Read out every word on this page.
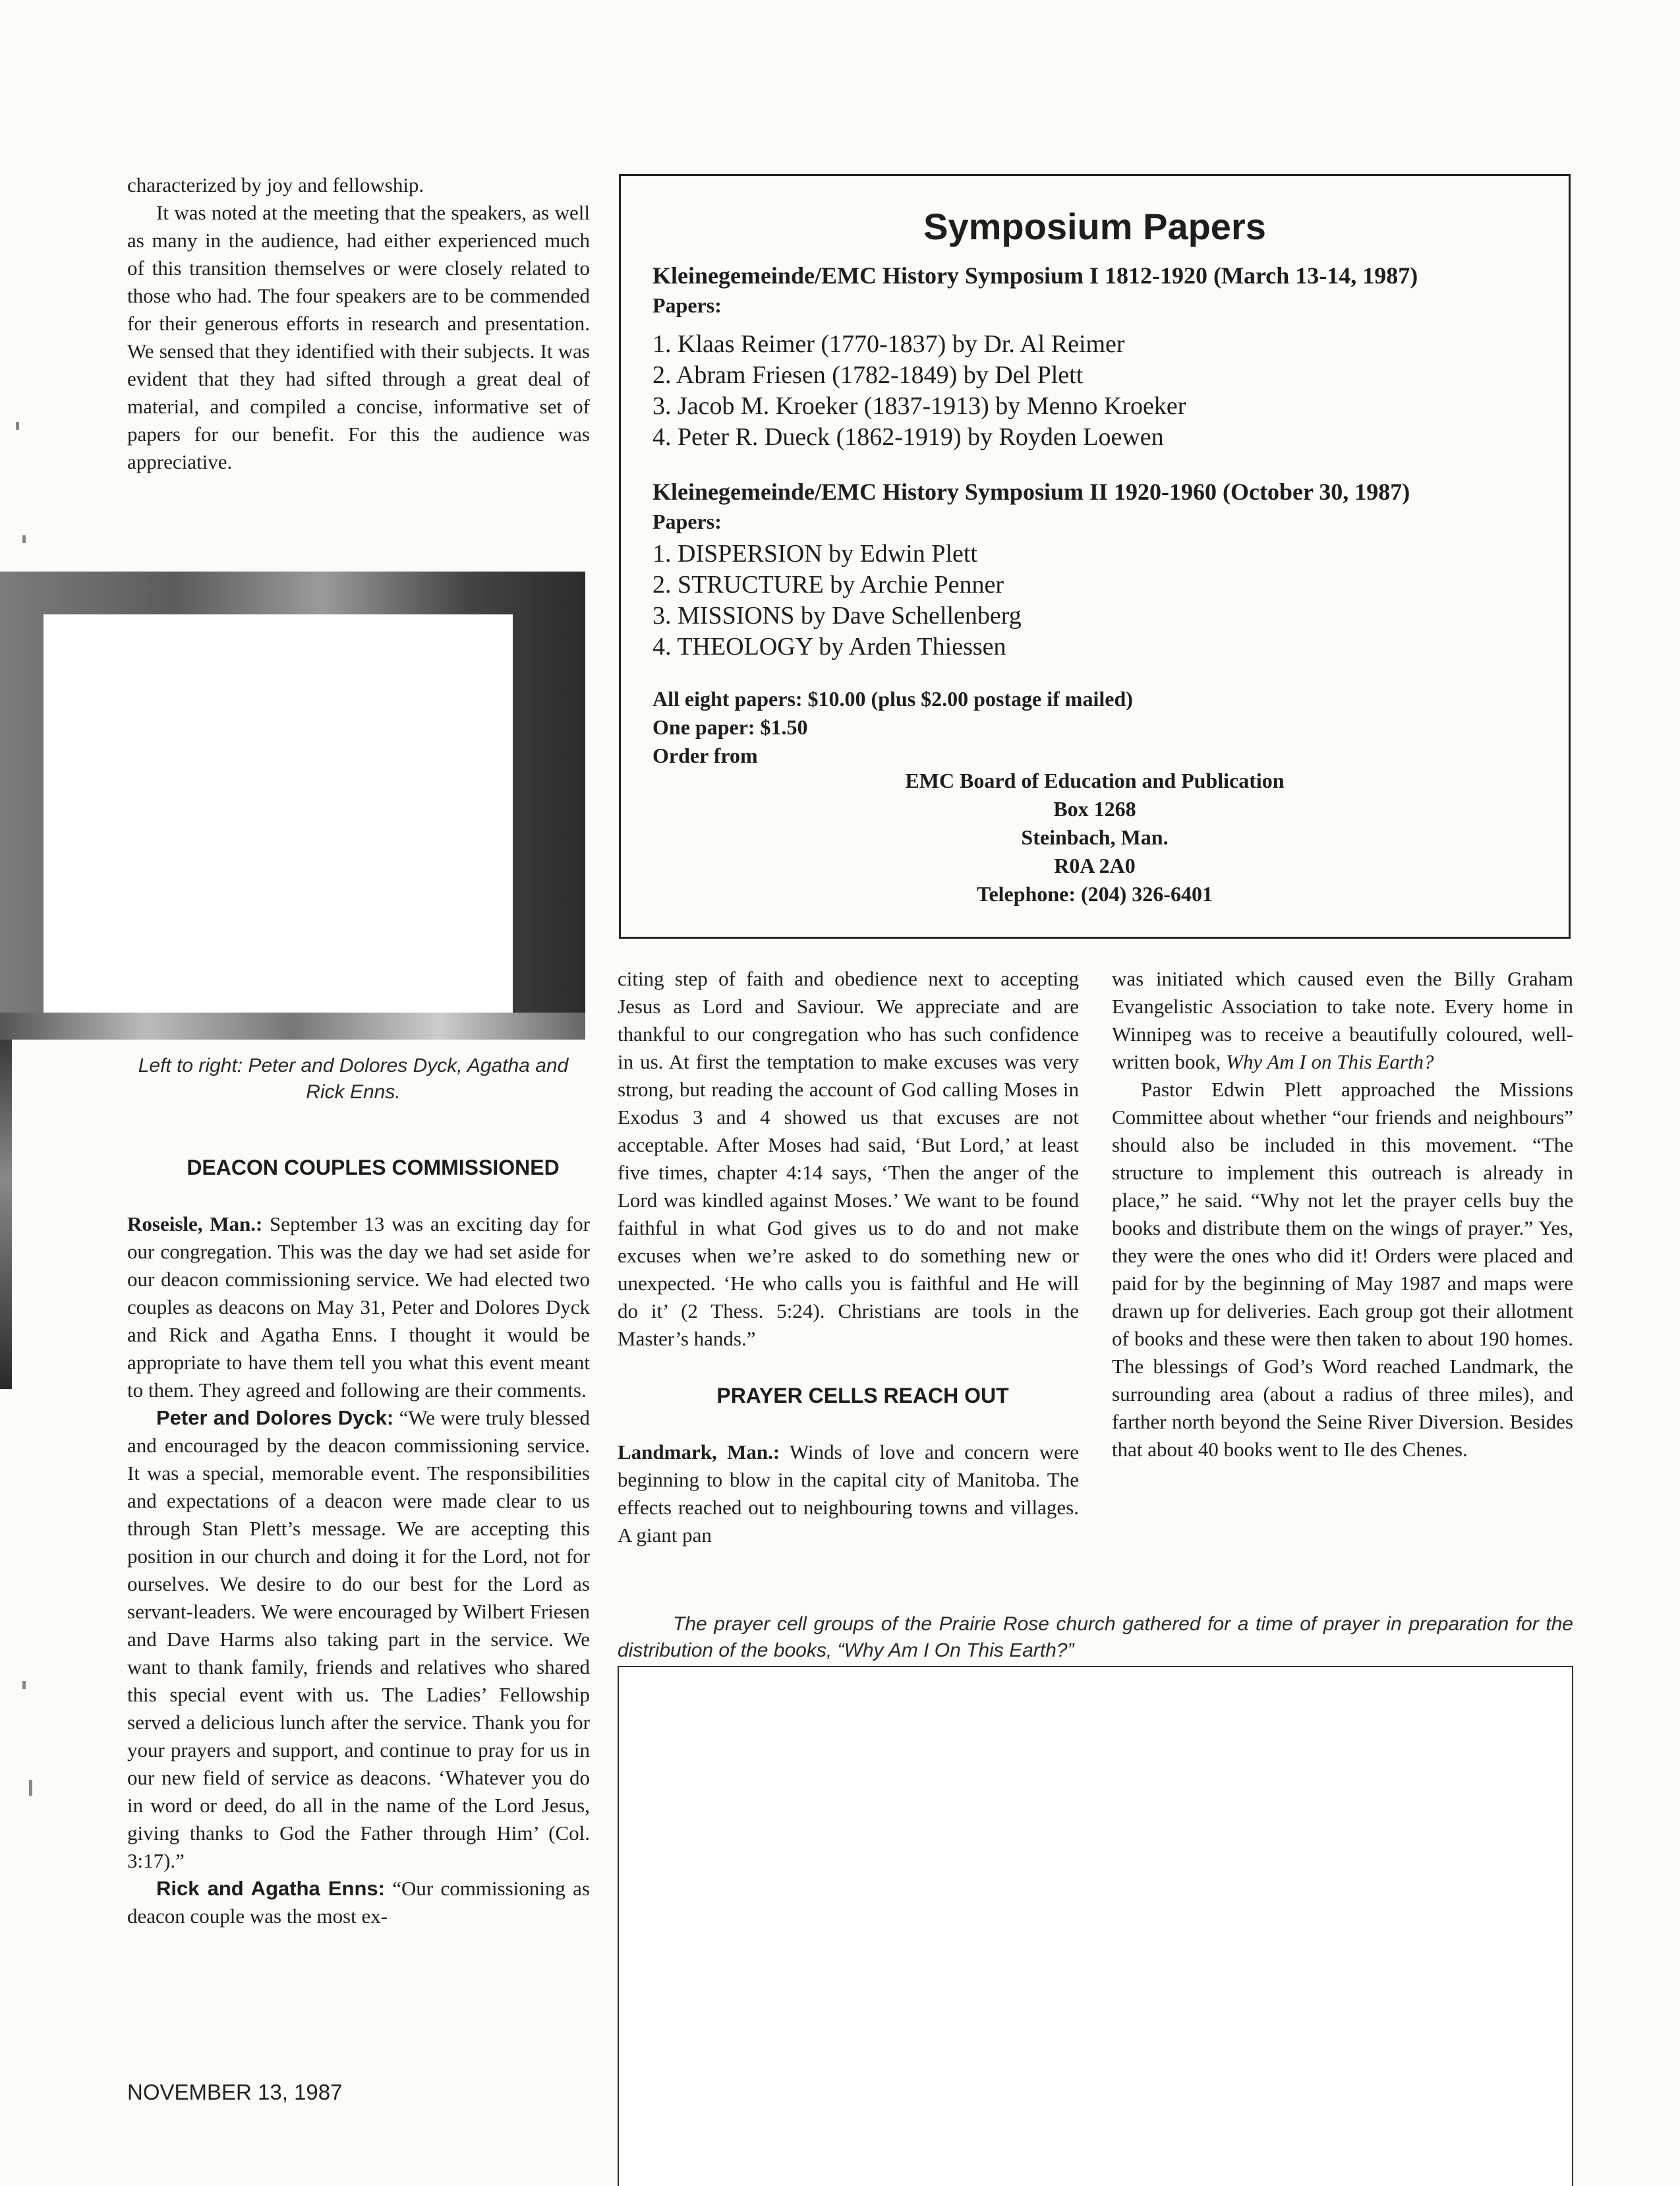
characterized by joy and fellowship.

It was noted at the meeting that the speakers, as well as many in the audience, had either experienced much of this transition themselves or were closely related to those who had. The four speakers are to be commended for their generous efforts in research and presentation. We sensed that they identified with their subjects. It was evident that they had sifted through a great deal of material, and compiled a concise, informative set of papers for our benefit. For this the audience was appreciative.

Left to right: Peter and Dolores Dyck, Agatha and Rick Enns.

DEACON COUPLES COMMISSIONED

Roseisle, Man.: September 13 was an exciting day for our congregation. This was the day we had set aside for our deacon commissioning service. We had elected two couples as deacons on May 31, Peter and Dolores Dyck and Rick and Agatha Enns. I thought it would be appropriate to have them tell you what this event meant to them. They agreed and following are their comments.

Peter and Dolores Dyck: “We were truly blessed and encouraged by the deacon commissioning service. It was a special, memorable event. The responsibilities and expectations of a deacon were made clear to us through Stan Plett’s message. We are accepting this position in our church and doing it for the Lord, not for ourselves. We desire to do our best for the Lord as servant-leaders. We were encouraged by Wilbert Friesen and Dave Harms also taking part in the service. We want to thank family, friends and relatives who shared this special event with us. The Ladies’ Fellowship served a delicious lunch after the service. Thank you for your prayers and support, and continue to pray for us in our new field of service as deacons. ‘Whatever you do in word or deed, do all in the name of the Lord Jesus, giving thanks to God the Father through Him’ (Col. 3:17).”

Rick and Agatha Enns: “Our commissioning as deacon couple was the most ex-

Symposium Papers
Kleinegemeinde/EMC History Symposium I 1812-1920 (March 13-14, 1987)
Papers:
1. Klaas Reimer (1770-1837) by Dr. Al Reimer
2. Abram Friesen (1782-1849) by Del Plett
3. Jacob M. Kroeker (1837-1913) by Menno Kroeker
4. Peter R. Dueck (1862-1919) by Royden Loewen
Kleinegemeinde/EMC History Symposium II 1920-1960 (October 30, 1987)
Papers:
1. DISPERSION by Edwin Plett
2. STRUCTURE by Archie Penner
3. MISSIONS by Dave Schellenberg
4. THEOLOGY by Arden Thiessen
All eight papers: $10.00 (plus $2.00 postage if mailed)
One paper: $1.50
Order from
EMC Board of Education and Publication
Box 1268
Steinbach, Man.
R0A 2A0
Telephone: (204) 326-6401

citing step of faith and obedience next to accepting Jesus as Lord and Saviour. We appreciate and are thankful to our congregation who has such confidence in us. At first the temptation to make excuses was very strong, but reading the account of God calling Moses in Exodus 3 and 4 showed us that excuses are not acceptable. After Moses had said, ‘But Lord,’ at least five times, chapter 4:14 says, ‘Then the anger of the Lord was kindled against Moses.’ We want to be found faithful in what God gives us to do and not make excuses when we’re asked to do something new or unexpected. ‘He who calls you is faithful and He will do it’ (2 Thess. 5:24). Christians are tools in the Master’s hands.”

PRAYER CELLS REACH OUT

Landmark, Man.: Winds of love and concern were beginning to blow in the capital city of Manitoba. The effects reached out to neighbouring towns and villages. A giant pan

was initiated which caused even the Billy Graham Evangelistic Association to take note. Every home in Winnipeg was to receive a beautifully coloured, well-written book, Why Am I on This Earth?

Pastor Edwin Plett approached the Missions Committee about whether “our friends and neighbours” should also be included in this movement. “The structure to implement this outreach is already in place,” he said. “Why not let the prayer cells buy the books and distribute them on the wings of prayer.” Yes, they were the ones who did it! Orders were placed and paid for by the beginning of May 1987 and maps were drawn up for deliveries. Each group got their allotment of books and these were then taken to about 190 homes. The blessings of God’s Word reached Landmark, the surrounding area (about a radius of three miles), and farther north beyond the Seine River Diversion. Besides that about 40 books went to Ile des Chenes.

The prayer cell groups of the Prairie Rose church gathered for a time of prayer in preparation for the distribution of the books, “Why Am I On This Earth?”
NOVEMBER 13, 1987
